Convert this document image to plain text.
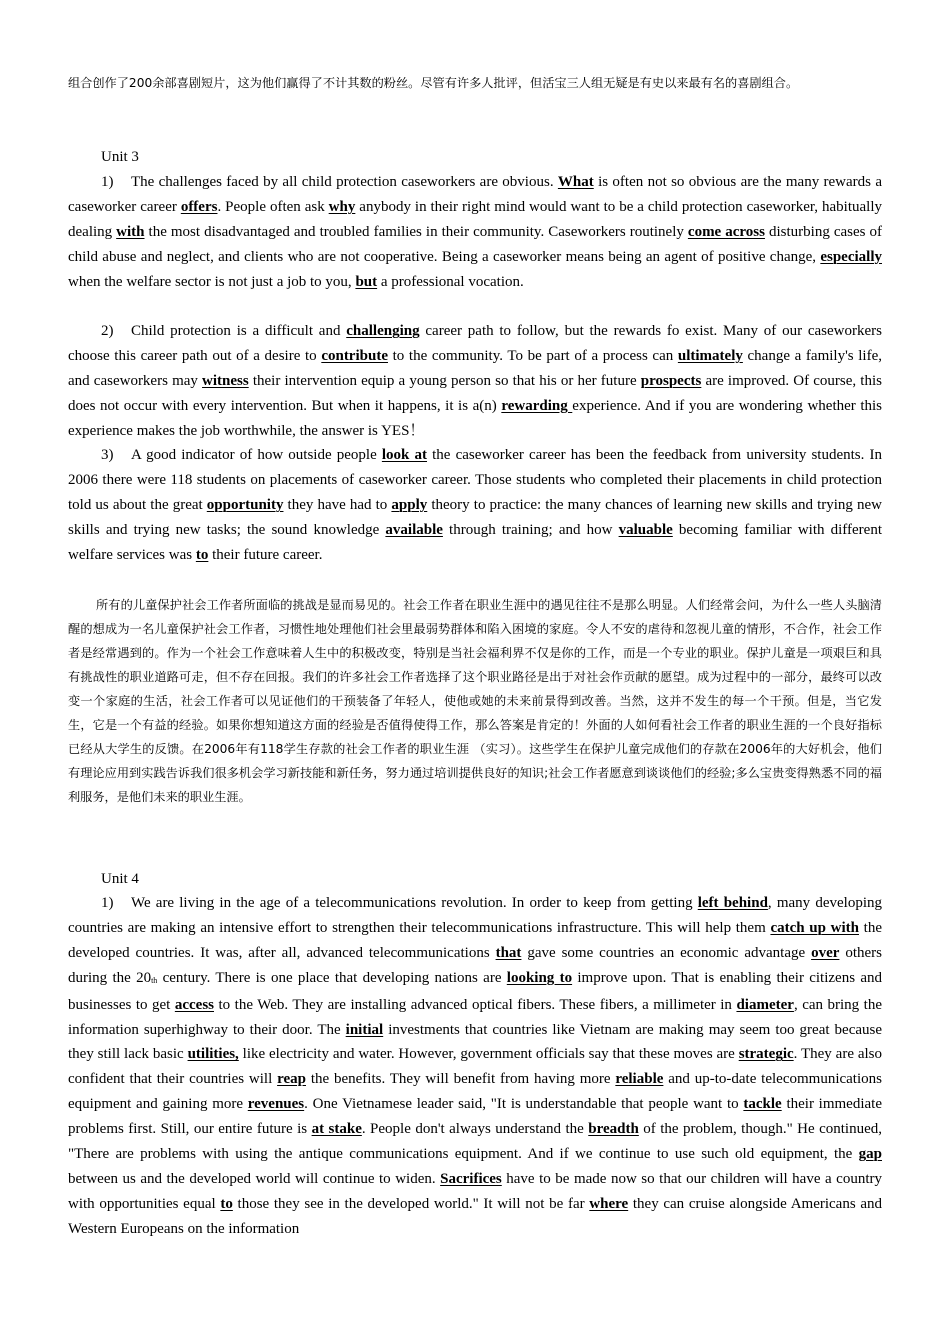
组合创作了200余部喜剧短片，这为他们赢得了不计其数的粉丝。尽管有许多人批评，但活宝三人组无疑是有史以来最有名的喜剧组合。

Unit 3

1) The challenges faced by all child protection caseworkers are obvious. What is often not so obvious are the many rewards a caseworker career offers. People often ask why anybody in their right mind would want to be a child protection caseworker, habitually dealing with the most disadvantaged and troubled families in their community. Caseworkers routinely come across disturbing cases of child abuse and neglect, and clients who are not cooperative. Being a caseworker means being an agent of positive change, especially when the welfare sector is not just a job to you, but a professional vocation.

2) Child protection is a difficult and challenging career path to follow, but the rewards fo exist. Many of our caseworkers choose this career path out of a desire to contribute to the community. To be part of a process can ultimately change a family's life, and caseworkers may witness their intervention equip a young person so that his or her future prospects are improved. Of course, this does not occur with every intervention. But when it happens, it is a(n) rewarding experience. And if you are wondering whether this experience makes the job worthwhile, the answer is YES！

3) A good indicator of how outside people look at the caseworker career has been the feedback from university students. In 2006 there were 118 students on placements of caseworker career. Those students who completed their placements in child protection told us about the great opportunity they have had to apply theory to practice: the many chances of learning new skills and trying new skills and trying new tasks; the sound knowledge available through training; and how valuable becoming familiar with different welfare services was to their future career.

所有的儿童保护社会工作者所面临的挑战是显而易见的。社会工作者在职业生涯中的遇见往往不是那么明显。人们经常会问，为什么一些人头脑清醒的想成为一名儿童保护社会工作者，习惯性地处理他们社会里最弱势群体和陷入困境的家庭。令人不安的虐待和忽视儿童的情形，不合作，社会工作者是经常遇到的。作为一个社会工作意味着人生中的积极改变，特别是当社会福利界不仅是你的工作，而是一个专业的职业。保护儿童是一项艰巨和具有挑战性的职业道路可走，但不存在回报。我们的许多社会工作者选择了这个职业路径是出于对社会作贡献的愿望。成为过程中的一部分，最终可以改变一个家庭的生活，社会工作者可以见证他们的干预装备了年轻人，使他或她的未来前景得到改善。当然，这并不发生的每一个干预。但是，当它发生，它是一个有益的经验。如果你想知道这方面的经验是否值得使得工作，那么答案是肯定的！外面的人如何看社会工作者的职业生涯的一个良好指标已经从大学生的反馈。在2006年有118学生存款的社会工作者的职业生涯 （实习）。这些学生在保护儿童完成他们的存款在2006年的大好机会，他们有理论应用到实践告诉我们很多机会学习新技能和新任务，努力通过培训提供良好的知识;社会工作者愿意到谈谈他们的经验;多么宝贵变得熟悉不同的福利服务，是他们未来的职业生涯。

Unit 4

1) We are living in the age of a telecommunications revolution. In order to keep from getting left behind, many developing countries are making an intensive effort to strengthen their telecommunications infrastructure. This will help them catch up with the developed countries. It was, after all, advanced telecommunications that gave some countries an economic advantage over others during the $20_{th}$ century. There is one place that developing nations are looking to improve upon. That is enabling their citizens and businesses to get access to the Web. They are installing advanced optical fibers. These fibers, a millimeter in diameter, can bring the information superhighway to their door. The initial investments that countries like Vietnam are making may seem too great because they still lack basic utilities, like electricity and water. However, government officials say that these moves are strategic. They are also confident that their countries will reap the benefits. They will benefit from having more reliable and up-to-date telecommunications equipment and gaining more revenues. One Vietnamese leader said, "It is understandable that people want to tackle their immediate problems first. Still, our entire future is at stake. People don't always understand the breadth of the problem, though." He continued, "There are problems with using the antique communications equipment. And if we continue to use such old equipment, the gap between us and the developed world will continue to widen. Sacrifices have to be made now so that our children will have a country with opportunities equal to those they see in the developed world." It will not be far where they can cruise alongside Americans and Western Europeans on the information
